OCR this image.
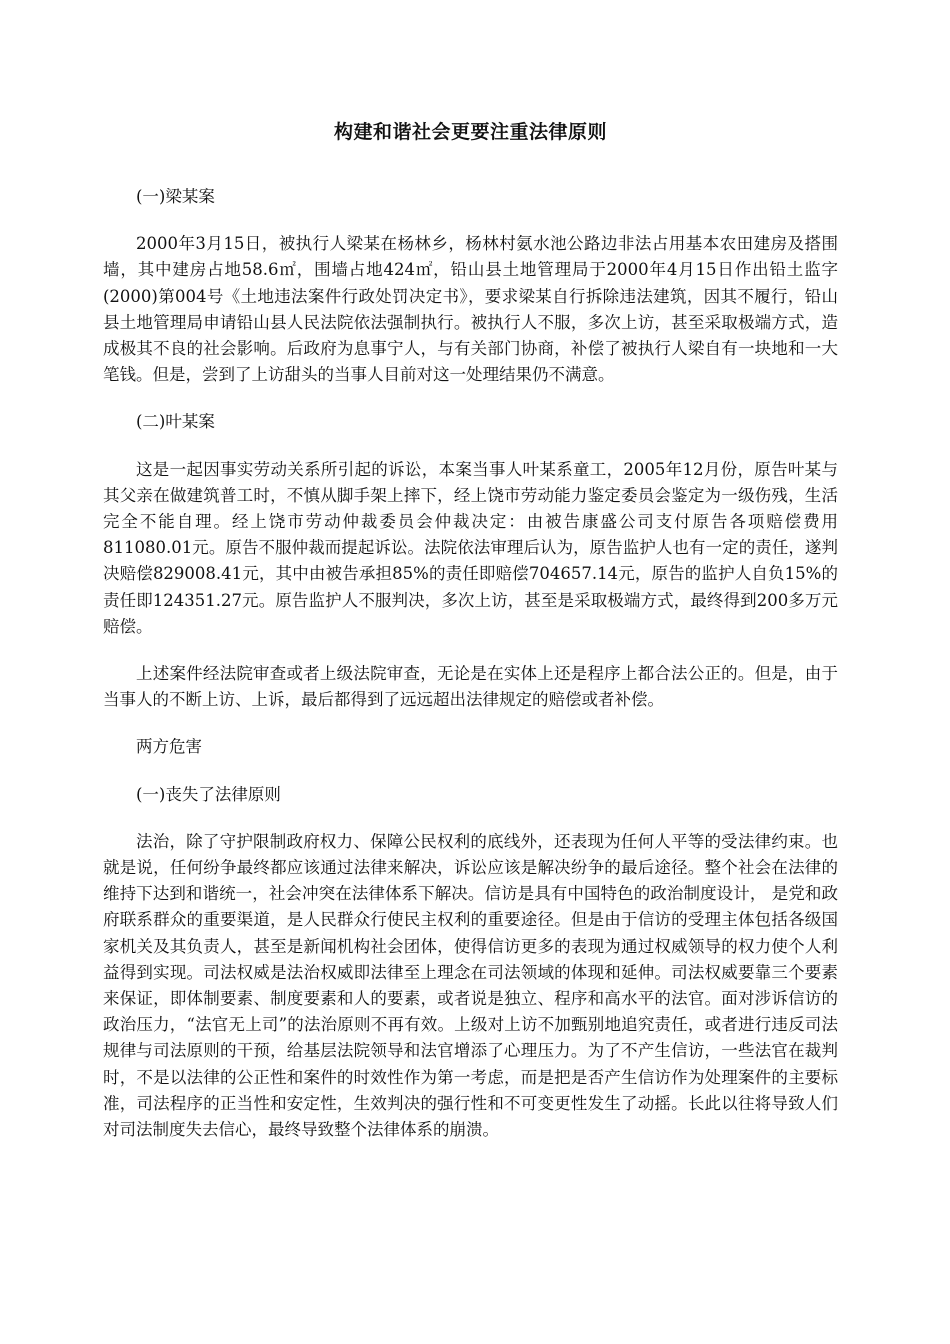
构建和谐社会更要注重法律原则
(一)梁某案
2000年3月15日，被执行人梁某在杨林乡，杨林村氨水池公路边非法占用基本农田建房及搭围墙，其中建房占地58.6㎡，围墙占地424㎡，铅山县土地管理局于2000年4月15日作出铅土监字(2000)第004号《土地违法案件行政处罚决定书》，要求梁某自行拆除违法建筑，因其不履行，铅山县土地管理局申请铅山县人民法院依法强制执行。被执行人不服，多次上访，甚至采取极端方式，造成极其不良的社会影响。后政府为息事宁人，与有关部门协商，补偿了被执行人梁自有一块地和一大笔钱。但是，尝到了上访甜头的当事人目前对这一处理结果仍不满意。
(二)叶某案
这是一起因事实劳动关系所引起的诉讼，本案当事人叶某系童工，2005年12月份，原告叶某与其父亲在做建筑普工时，不慎从脚手架上摔下，经上饶市劳动能力鉴定委员会鉴定为一级伤残，生活完全不能自理。经上饶市劳动仲裁委员会仲裁决定：由被告康盛公司支付原告各项赔偿费用811080.01元。原告不服仲裁而提起诉讼。法院依法审理后认为，原告监护人也有一定的责任，遂判决赔偿829008.41元，其中由被告承担85%的责任即赔偿704657.14元，原告的监护人自负15%的责任即124351.27元。原告监护人不服判决，多次上访，甚至是采取极端方式，最终得到200多万元赔偿。
上述案件经法院审查或者上级法院审查，无论是在实体上还是程序上都合法公正的。但是，由于当事人的不断上访、上诉，最后都得到了远远超出法律规定的赔偿或者补偿。
两方危害
(一)丧失了法律原则
法治，除了守护限制政府权力、保障公民权利的底线外，还表现为任何人平等的受法律约束。也就是说，任何纷争最终都应该通过法律来解决，诉讼应该是解决纷争的最后途径。整个社会在法律的维持下达到和谐统一，社会冲突在法律体系下解决。信访是具有中国特色的政治制度设计， 是党和政府联系群众的重要渠道，是人民群众行使民主权利的重要途径。但是由于信访的受理主体包括各级国家机关及其负责人，甚至是新闻机构社会团体，使得信访更多的表现为通过权威领导的权力使个人利益得到实现。司法权威是法治权威即法律至上理念在司法领域的体现和延伸。司法权威要靠三个要素来保证，即体制要素、制度要素和人的要素，或者说是独立、程序和高水平的法官。面对涉诉信访的政治压力，“法官无上司”的法治原则不再有效。上级对上访不加甄别地追究责任，或者进行违反司法规律与司法原则的干预，给基层法院领导和法官增添了心理压力。为了不产生信访，一些法官在裁判时，不是以法律的公正性和案件的时效性作为第一考虑，而是把是否产生信访作为处理案件的主要标准，司法程序的正当性和安定性，生效判决的强行性和不可变更性发生了动摇。长此以往将导致人们对司法制度失去信心，最终导致整个法律体系的崩溃。
